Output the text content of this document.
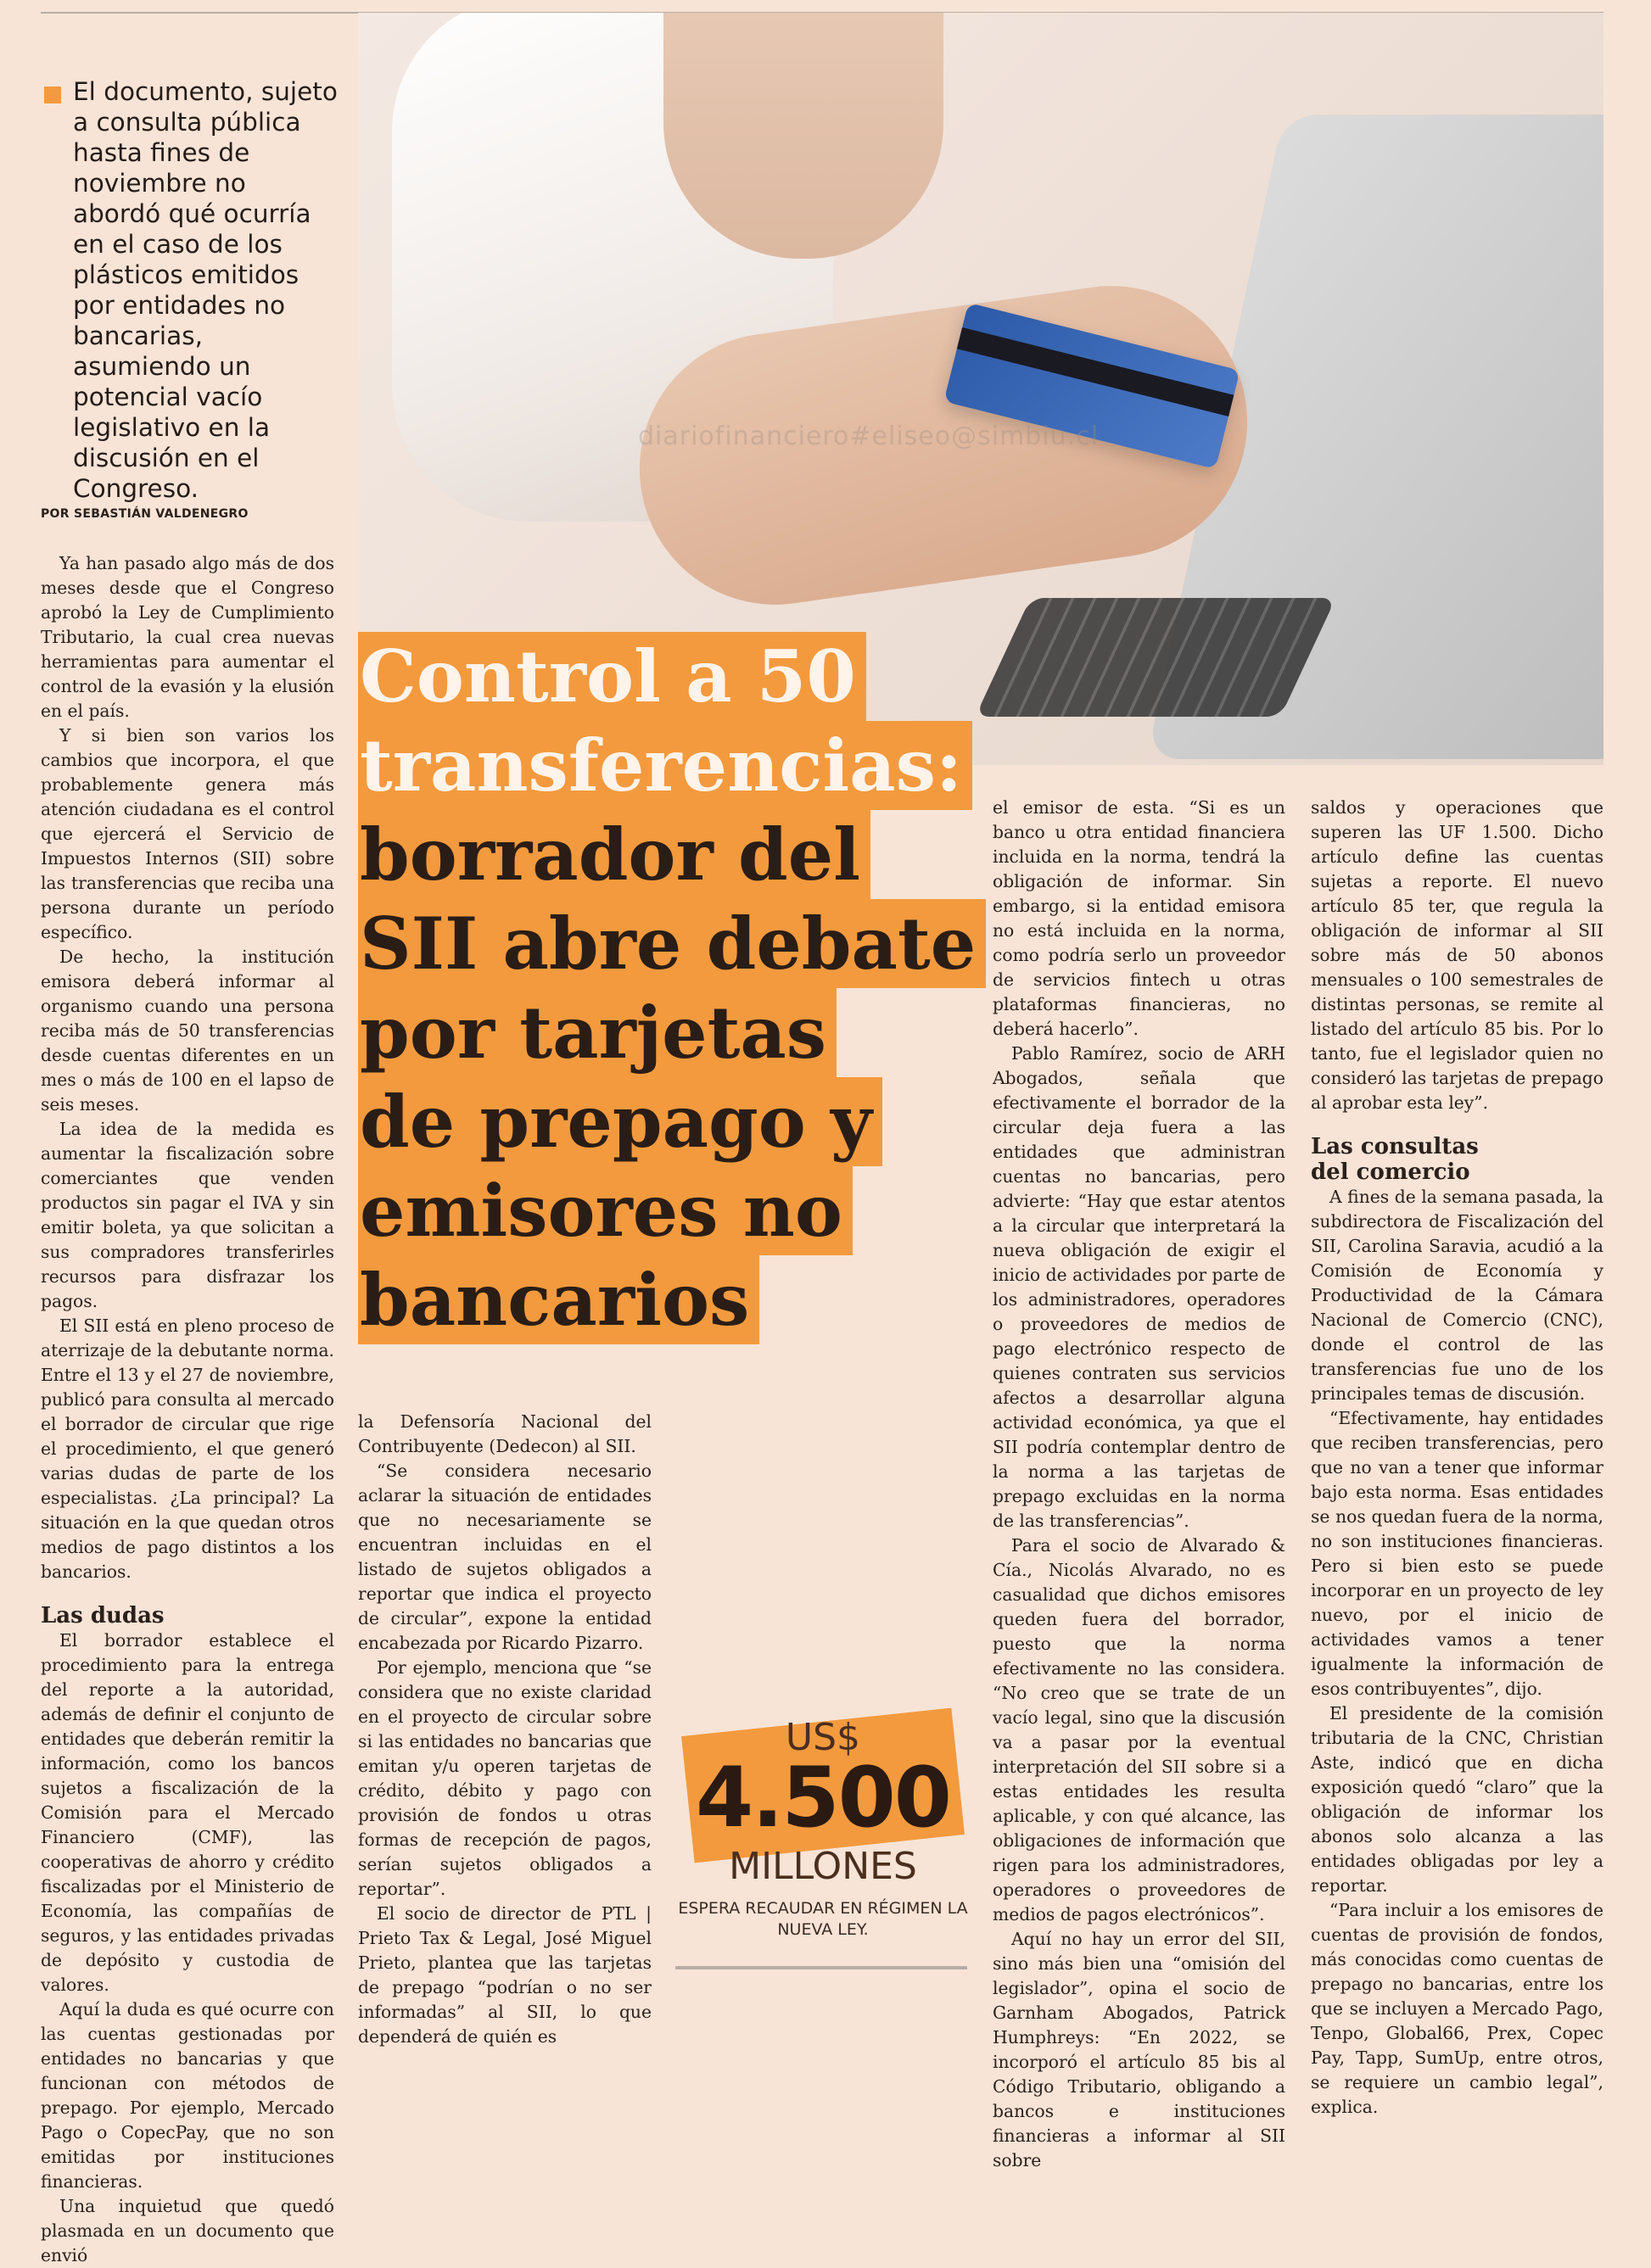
diariofinanciero#eliseo@simbiu.cl

El documento, sujeto a consulta pública hasta fines de noviembre no abordó qué ocurría en el caso de los plásticos emitidos por entidades no bancarias, asumiendo un potencial vacío legislativo en la discusión en el Congreso.

POR SEBASTIÁN VALDENEGRO

Ya han pasado algo más de dos meses desde que el Congreso aprobó la Ley de Cumplimiento Tributario, la cual crea nuevas herramientas para aumentar el control de la evasión y la elusión en el país.

Y si bien son varios los cambios que incorpora, el que probablemente genera más atención ciudadana es el control que ejercerá el Servicio de Impuestos Internos (SII) sobre las transferencias que reciba una persona durante un período específico.

De hecho, la institución emisora deberá informar al organismo cuando una persona reciba más de 50 transferencias desde cuentas diferentes en un mes o más de 100 en el lapso de seis meses.

La idea de la medida es aumentar la fiscalización sobre comerciantes que venden productos sin pagar el IVA y sin emitir boleta, ya que solicitan a sus compradores transferirles recursos para disfrazar los pagos.

El SII está en pleno proceso de aterrizaje de la debutante norma. Entre el 13 y el 27 de noviembre, publicó para consulta al mercado el borrador de circular que rige el procedimiento, el que generó varias dudas de parte de los especialistas. ¿La principal? La situación en la que quedan otros medios de pago distintos a los bancarios.

Las dudas

El borrador establece el procedimiento para la entrega del reporte a la autoridad, además de definir el conjunto de entidades que deberán remitir la información, como los bancos sujetos a fiscalización de la Comisión para el Mercado Financiero (CMF), las cooperativas de ahorro y crédito fiscalizadas por el Ministerio de Economía, las compañías de seguros, y las entidades privadas de depósito y custodia de valores.

Aquí la duda es qué ocurre con las cuentas gestionadas por entidades no bancarias y que funcionan con métodos de prepago. Por ejemplo, Mercado Pago o CopecPay, que no son emitidas por instituciones financieras.

Una inquietud que quedó plasmada en un documento que envió

Control a 50
transferencias:
borrador del
SII abre debate
por tarjetas
de prepago y
emisores no
bancarios

la Defensoría Nacional del Contribuyente (Dedecon) al SII.

“Se considera necesario aclarar la situación de entidades que no necesariamente se encuentran incluidas en el listado de sujetos obligados a reportar que indica el proyecto de circular”, expone la entidad encabezada por Ricardo Pizarro.

Por ejemplo, menciona que “se considera que no existe claridad en el proyecto de circular sobre si las entidades no bancarias que emitan y/u operen tarjetas de crédito, débito y pago con provisión de fondos u otras formas de recepción de pagos, serían sujetos obligados a reportar”.

El socio de director de PTL | Prieto Tax & Legal, José Miguel Prieto, plantea que las tarjetas de prepago “podrían o no ser informadas” al SII, lo que dependerá de quién es

US$
4.500
MILLONES
ESPERA RECAUDAR EN RÉGIMEN LA NUEVA LEY.

el emisor de esta. “Si es un banco u otra entidad financiera incluida en la norma, tendrá la obligación de informar. Sin embargo, si la entidad emisora no está incluida en la norma, como podría serlo un proveedor de servicios fintech u otras plataformas financieras, no deberá hacerlo”.

Pablo Ramírez, socio de ARH Abogados, señala que efectivamente el borrador de la circular deja fuera a las entidades que administran cuentas no bancarias, pero advierte: “Hay que estar atentos a la circular que interpretará la nueva obligación de exigir el inicio de actividades por parte de los administradores, operadores o proveedores de medios de pago electrónico respecto de quienes contraten sus servicios afectos a desarrollar alguna actividad económica, ya que el SII podría contemplar dentro de la norma a las tarjetas de prepago excluidas en la norma de las transferencias”.

Para el socio de Alvarado & Cía., Nicolás Alvarado, no es casualidad que dichos emisores queden fuera del borrador, puesto que la norma efectivamente no las considera. “No creo que se trate de un vacío legal, sino que la discusión va a pasar por la eventual interpretación del SII sobre si a estas entidades les resulta aplicable, y con qué alcance, las obligaciones de información que rigen para los administradores, operadores o proveedores de medios de pagos electrónicos”.

Aquí no hay un error del SII, sino más bien una “omisión del legislador”, opina el socio de Garnham Abogados, Patrick Humphreys: “En 2022, se incorporó el artículo 85 bis al Código Tributario, obligando a bancos e instituciones financieras a informar al SII sobre

saldos y operaciones que superen las UF 1.500. Dicho artículo define las cuentas sujetas a reporte. El nuevo artículo 85 ter, que regula la obligación de informar al SII sobre más de 50 abonos mensuales o 100 semestrales de distintas personas, se remite al listado del artículo 85 bis. Por lo tanto, fue el legislador quien no consideró las tarjetas de prepago al aprobar esta ley”.

Las consultas
del comercio

A fines de la semana pasada, la subdirectora de Fiscalización del SII, Carolina Saravia, acudió a la Comisión de Economía y Productividad de la Cámara Nacional de Comercio (CNC), donde el control de las transferencias fue uno de los principales temas de discusión.

“Efectivamente, hay entidades que reciben transferencias, pero que no van a tener que informar bajo esta norma. Esas entidades se nos quedan fuera de la norma, no son instituciones financieras. Pero si bien esto se puede incorporar en un proyecto de ley nuevo, por el inicio de actividades vamos a tener igualmente la información de esos contribuyentes”, dijo.

El presidente de la comisión tributaria de la CNC, Christian Aste, indicó que en dicha exposición quedó “claro” que la obligación de informar los abonos solo alcanza a las entidades obligadas por ley a reportar.

“Para incluir a los emisores de cuentas de provisión de fondos, más conocidas como cuentas de prepago no bancarias, entre los que se incluyen a Mercado Pago, Tenpo, Global66, Prex, Copec Pay, Tapp, SumUp, entre otros, se requiere un cambio legal”, explica.
